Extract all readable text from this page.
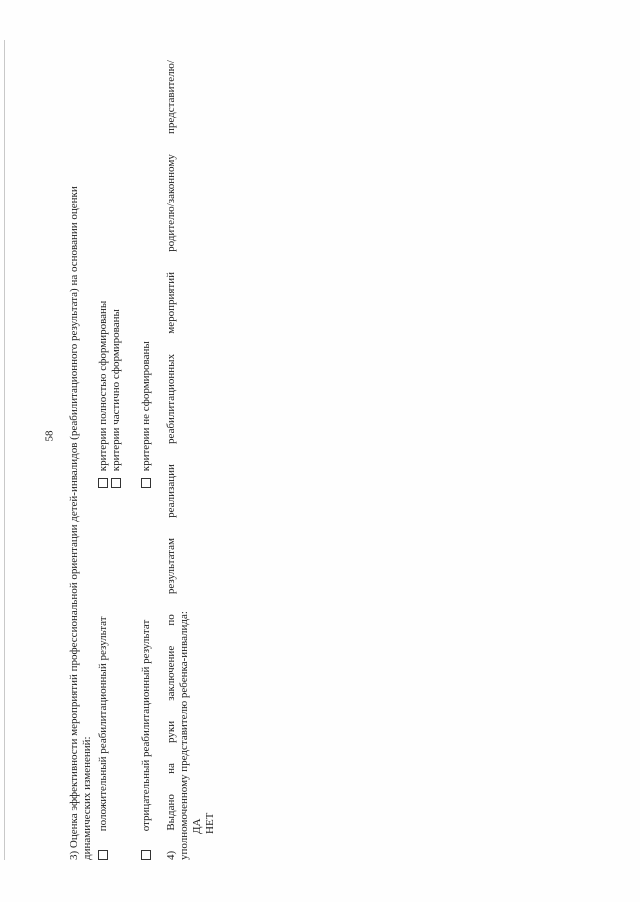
58	3) Оценка эффективности мероприятий профессиональной ориентации детей-инвалидов (реабилитационного результата) на основании оценки динамических изменений: положительный реабилитационный результат
критерии полностью сформированы критерии частично сформированы
отрицательный реабилитационный результат
критерии не сформированы
4)
Выдано
на
руки
заключение
по
результатам
реализации
реабилитационных
мероприятий
родителю/законному
представителю/
уполномоченному представителю ребенка-инвалида: ДА НЕТ
